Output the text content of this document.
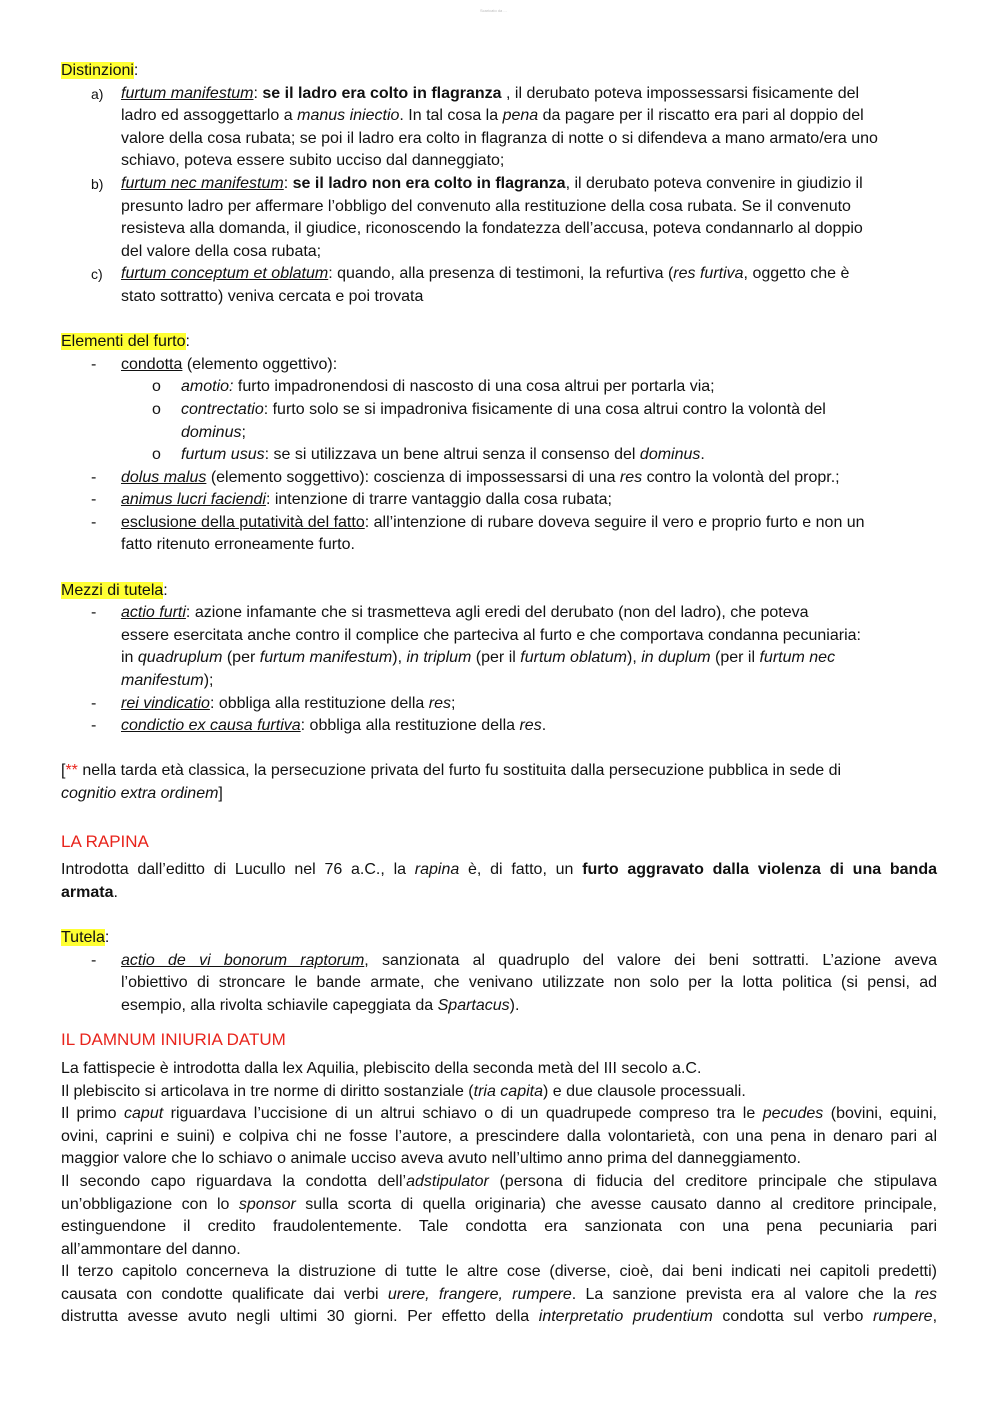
Scaricato da ...

Distinzioni:

a) furtum manifestum: se il ladro era colto in flagranza , il derubato poteva impossessarsi fisicamente del
ladro ed assoggettarlo a manus iniectio. In tal cosa la pena da pagare per il riscatto era pari al doppio del
valore della cosa rubata; se poi il ladro era colto in flagranza di notte o si difendeva a mano armato/era uno
schiavo, poteva essere subito ucciso dal danneggiato;
b) furtum nec manifestum: se il ladro non era colto in flagranza, il derubato poteva convenire in giudizio il
presunto ladro per affermare l’obbligo del convenuto alla restituzione della cosa rubata. Se il convenuto
resisteva alla domanda, il giudice, riconoscendo la fondatezza dell’accusa, poteva condannarlo al doppio
del valore della cosa rubata;
c) furtum conceptum et oblatum: quando, alla presenza di testimoni, la refurtiva (res furtiva, oggetto che è
stato sottratto) veniva cercata e poi trovata

Elementi del furto:

- condotta (elemento oggettivo):
o amotio: furto impadronendosi di nascosto di una cosa altrui per portarla via;
o contrectatio: furto solo se si impadroniva fisicamente di una cosa altrui contro la volontà del
dominus;
o furtum usus: se si utilizzava un bene altrui senza il consenso del dominus.
- dolus malus (elemento soggettivo): coscienza di impossessarsi di una res contro la volontà del propr.;
- animus lucri faciendi: intenzione di trarre vantaggio dalla cosa rubata;
- esclusione della putatività del fatto: all’intenzione di rubare doveva seguire il vero e proprio furto e non un
fatto ritenuto erroneamente furto.

Mezzi di tutela:

- actio furti: azione infamante che si trasmetteva agli eredi del derubato (non del ladro), che poteva
essere esercitata anche contro il complice che parteciva al furto e che comportava condanna pecuniaria:
in quadruplum (per furtum manifestum), in triplum (per il furtum oblatum), in duplum (per il furtum nec
manifestum);
- rei vindicatio: obbliga alla restituzione della res;
- condictio ex causa furtiva: obbliga alla restituzione della res.
[** nella tarda età classica, la persecuzione privata del furto fu sostituita dalla persecuzione pubblica in sede di
cognitio extra ordinem]

LA RAPINA

Introdotta dall’editto di Lucullo nel 76 a.C., la rapina è, di fatto, un furto aggravato dalla violenza di una banda
armata.

Tutela:

- actio de vi bonorum raptorum, sanzionata al quadruplo del valore dei beni sottratti. L’azione aveva
l’obiettivo di stroncare le bande armate, che venivano utilizzate non solo per la lotta politica (si pensi, ad
esempio, alla rivolta schiavile capeggiata da Spartacus).

IL DAMNUM INIURIA DATUM

La fattispecie è introdotta dalla lex Aquilia, plebiscito della seconda metà del III secolo a.C.
Il plebiscito si articolava in tre norme di diritto sostanziale (tria capita) e due clausole processuali.
Il primo caput riguardava l’uccisione di un altrui schiavo o di un quadrupede compreso tra le pecudes (bovini, equini,
ovini, caprini e suini) e colpiva chi ne fosse l’autore, a prescindere dalla volontarietà, con una pena in denaro pari al
maggior valore che lo schiavo o animale ucciso aveva avuto nell’ultimo anno prima del danneggiamento.
Il secondo capo riguardava la condotta dell’adstipulator (persona di fiducia del creditore principale che stipulava
un’obbligazione con lo sponsor sulla scorta di quella originaria) che avesse causato danno al creditore principale,
estinguendone il credito fraudolentemente. Tale condotta era sanzionata con una pena pecuniaria pari
all’ammontare del danno.
Il terzo capitolo concerneva la distruzione di tutte le altre cose (diverse, cioè, dai beni indicati nei capitoli predetti)
causata con condotte qualificate dai verbi urere, frangere, rumpere. La sanzione prevista era al valore che la res
distrutta avesse avuto negli ultimi 30 giorni. Per effetto della interpretatio prudentium condotta sul verbo rumpere,
